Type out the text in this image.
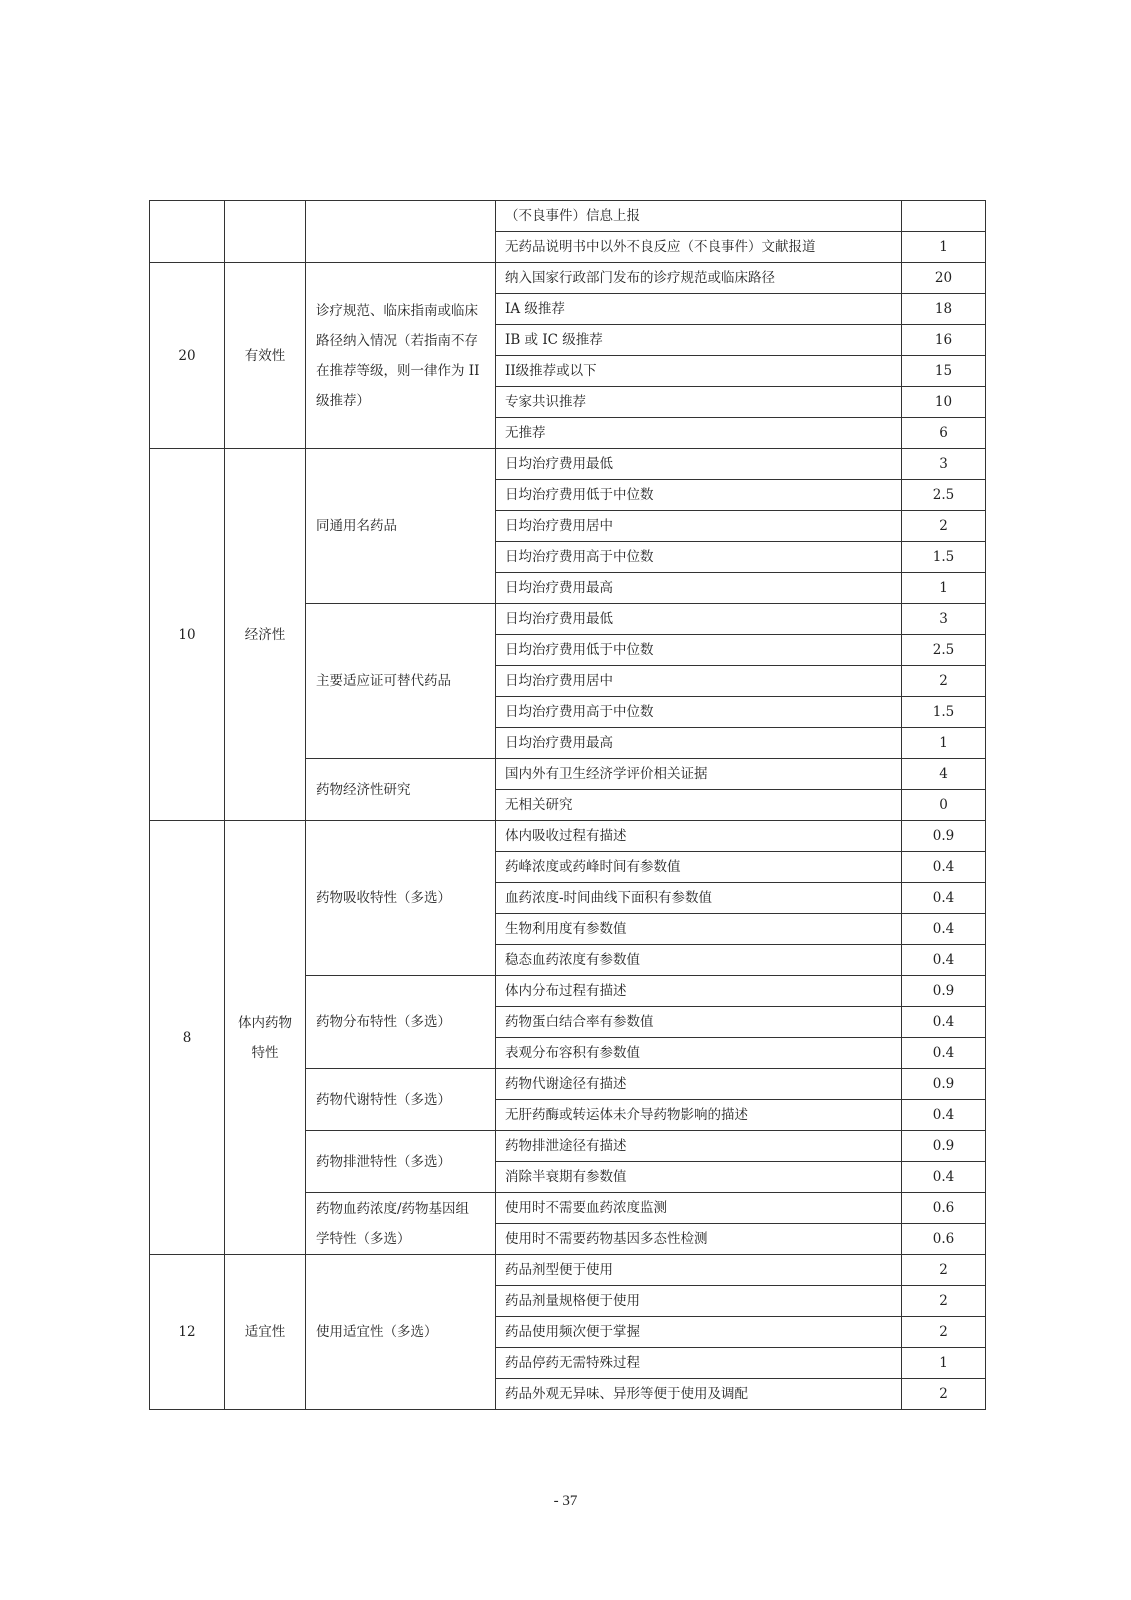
			（不良事件）信息上报	
			无药品说明书中以外不良反应（不良事件）文献报道	1
20	有效性	诊疗规范、临床指南或临床
路径纳入情况（若指南不存
在推荐等级，则一律作为 II
级推荐）	纳入国家行政部门发布的诊疗规范或临床路径	20
			IA 级推荐	18
			IB 或 IC 级推荐	16
			II级推荐或以下	15
			专家共识推荐	10
			无推荐	6
10	经济性	同通用名药品	日均治疗费用最低	3
			日均治疗费用低于中位数	2.5
			日均治疗费用居中	2
			日均治疗费用高于中位数	1.5
			日均治疗费用最高	1
		主要适应证可替代药品	日均治疗费用最低	3
			日均治疗费用低于中位数	2.5
			日均治疗费用居中	2
			日均治疗费用高于中位数	1.5
			日均治疗费用最高	1
		药物经济性研究	国内外有卫生经济学评价相关证据	4
			无相关研究	0
8	体内药物
特性	药物吸收特性（多选）	体内吸收过程有描述	0.9
			药峰浓度或药峰时间有参数值	0.4
			血药浓度-时间曲线下面积有参数值	0.4
			生物利用度有参数值	0.4
			稳态血药浓度有参数值	0.4
		药物分布特性（多选）	体内分布过程有描述	0.9
			药物蛋白结合率有参数值	0.4
			表观分布容积有参数值	0.4
		药物代谢特性（多选）	药物代谢途径有描述	0.9
			无肝药酶或转运体未介导药物影响的描述	0.4
		药物排泄特性（多选）	药物排泄途径有描述	0.9
			消除半衰期有参数值	0.4

		药物血药浓度/药物基因组
学特性（多选）	使用时不需要血药浓度监测	0.6
			使用时不需要药物基因多态性检测	0.6
12	适宜性	使用适宜性（多选）	药品剂型便于使用	2
			药品剂量规格便于使用	2
			药品使用频次便于掌握	2
			药品停药无需特殊过程	1
			药品外观无异味、异形等便于使用及调配	2
- 37
